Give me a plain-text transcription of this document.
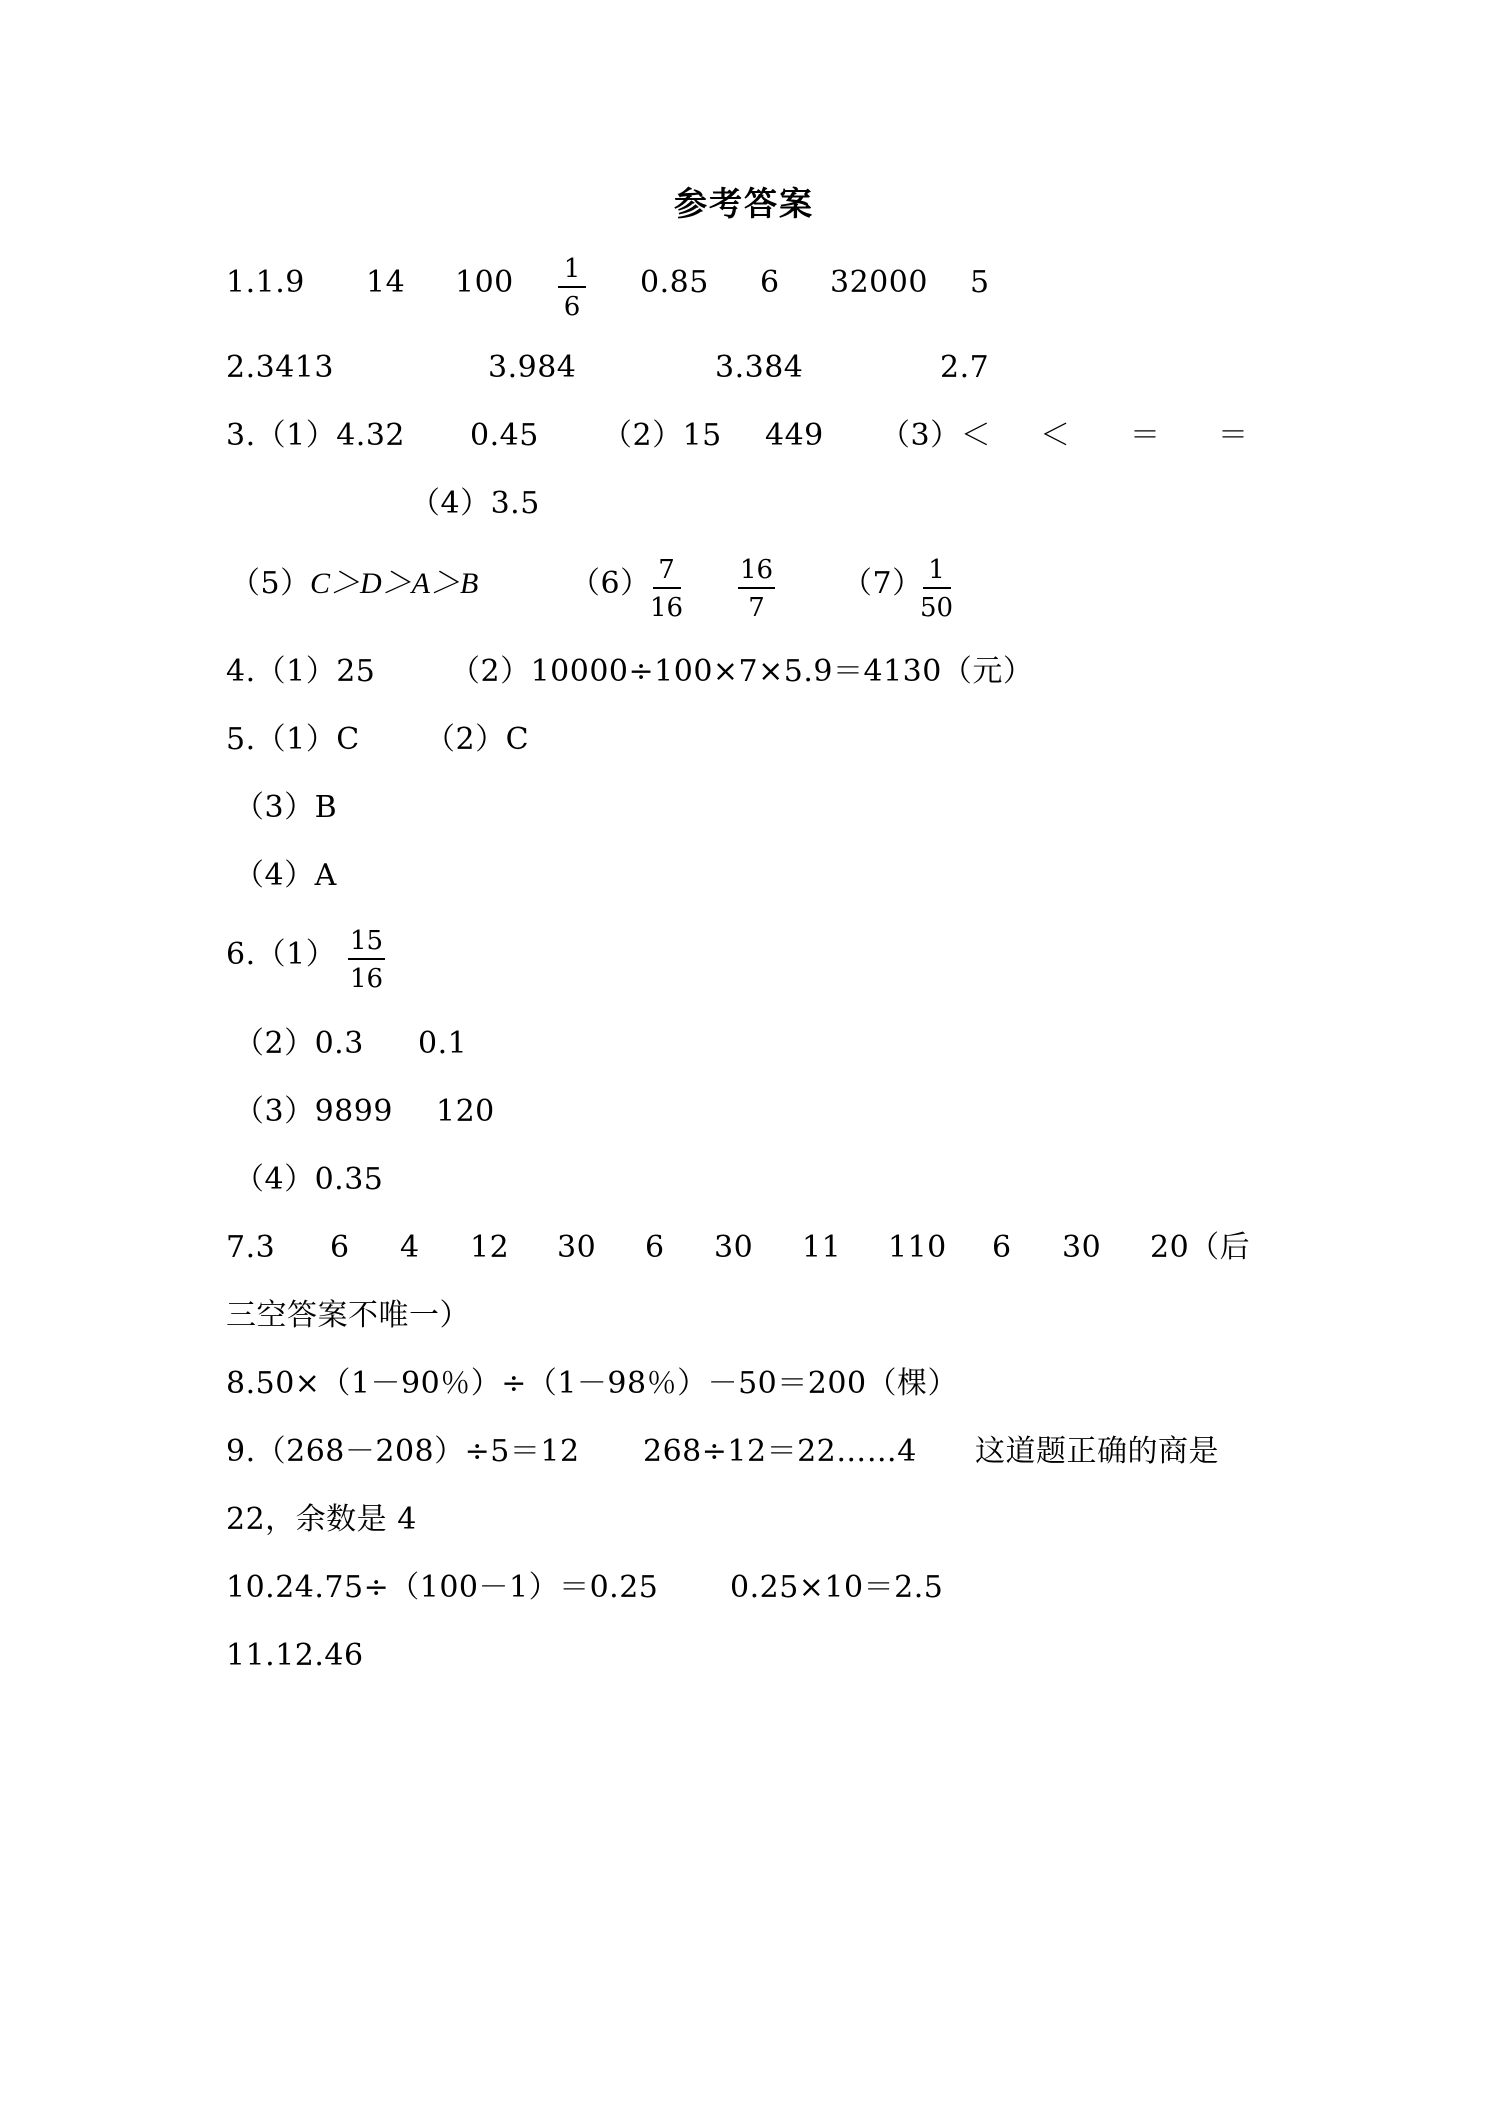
参考答案
1.1.9 14 $100 \frac{1}{6} 0.85$ 6 32000 5
2.3413	3.984	3.384	2.7
3.（1）4.32 0.45 （2）15 449 （3）＜ ＜ ＝ ＝
（4）3.5
（5） C＞D＞A＞B	（6）
$\frac{7}{16} \frac{16}{7} (7)$
$\frac{1}{50}$
4.（1）25 （2）10000÷100×7×5.9＝4130（元）
5.（1）C （2）C
（3）B
（4）A
$6.(1) \frac{15}{16}$
（2）0.3 0.1
（3）9899 120
（4）0.35
7.3 6 4 12 30 6 30 11 110 6 30 20（后
三空答案不唯一）
8.50×（1－90％）÷（1－98％）－50＝200（棵）
9.（268－208）÷5＝12 268÷12＝22……4 这道题正确的商是
22，余数是 4
10.24.75÷（100－1）＝0.25 0.25×10＝2.5
11.12.46
